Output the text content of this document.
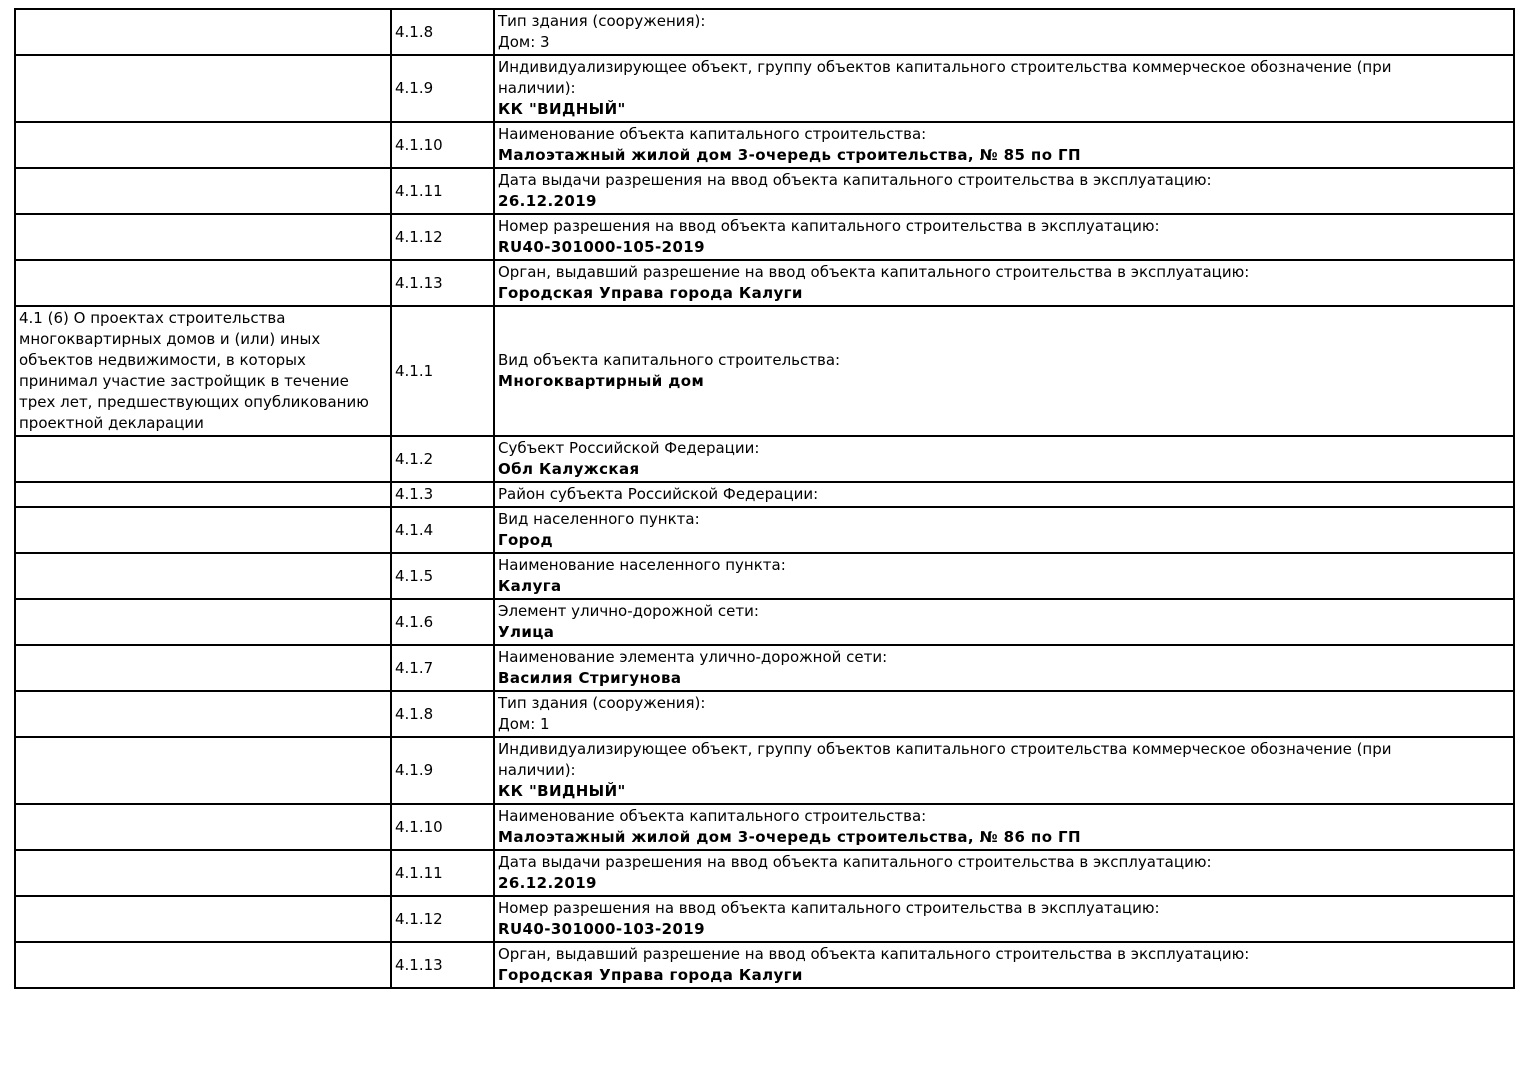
	4.1.8	Тип здания (сооружения):
Дом: 3

	4.1.9	Индивидуализирующее объект, группу объектов капитального строительства коммерческое обозначение (при наличии):
КК "ВИДНЫЙ"

	4.1.10	Наименование объекта капитального строительства:
Малоэтажный жилой дом 3-очередь строительства, № 85 по ГП

	4.1.11	Дата выдачи разрешения на ввод объекта капитального строительства в эксплуатацию:
26.12.2019

	4.1.12	Номер разрешения на ввод объекта капитального строительства в эксплуатацию:
RU40-301000-105-2019

	4.1.13	Орган, выдавший разрешение на ввод объекта капитального строительства в эксплуатацию:
Городская Управа города Калуги

4.1 (6) О проектах строительства многоквартирных домов и (или) иных объектов недвижимости, в которых принимал участие застройщик в течение трех лет, предшествующих опубликованию проектной декларации	4.1.1	Вид объекта капитального строительства:
Многоквартирный дом

	4.1.2	Субъект Российской Федерации:
Обл Калужская

	4.1.3	Район субъекта Российской Федерации:

	4.1.4	Вид населенного пункта:
Город

	4.1.5	Наименование населенного пункта:
Калуга

	4.1.6	Элемент улично-дорожной сети:
Улица

	4.1.7	Наименование элемента улично-дорожной сети:
Василия Стригунова

	4.1.8	Тип здания (сооружения):
Дом: 1

	4.1.9	Индивидуализирующее объект, группу объектов капитального строительства коммерческое обозначение (при наличии):
КК "ВИДНЫЙ"

	4.1.10	Наименование объекта капитального строительства:
Малоэтажный жилой дом 3-очередь строительства, № 86 по ГП

	4.1.11	Дата выдачи разрешения на ввод объекта капитального строительства в эксплуатацию:
26.12.2019

	4.1.12	Номер разрешения на ввод объекта капитального строительства в эксплуатацию:
RU40-301000-103-2019

	4.1.13	Орган, выдавший разрешение на ввод объекта капитального строительства в эксплуатацию:
Городская Управа города Калуги
